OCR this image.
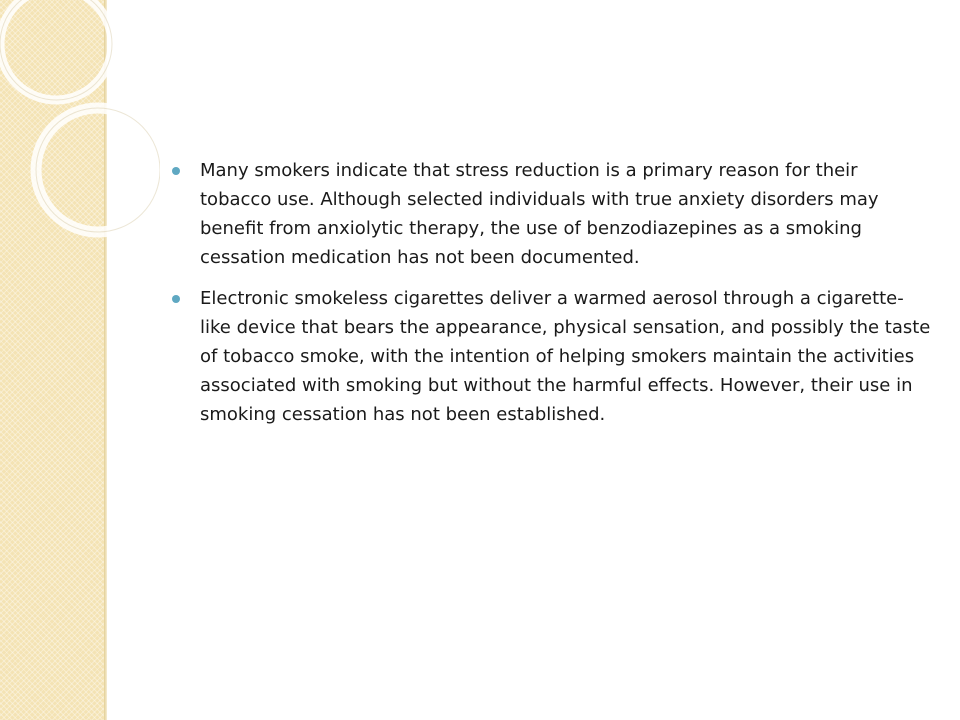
Many smokers indicate that stress reduction is a primary reason for their tobacco use. Although selected individuals with true anxiety disorders may benefit from anxiolytic therapy, the use of benzodiazepines as a smoking cessation medication has not been documented.
Electronic smokeless cigarettes deliver a warmed aerosol through a cigarette-like device that bears the appearance, physical sensation, and possibly the taste of tobacco smoke, with the intention of helping smokers maintain the activities associated with smoking but without the harmful effects. However, their use in smoking cessation has not been established.
